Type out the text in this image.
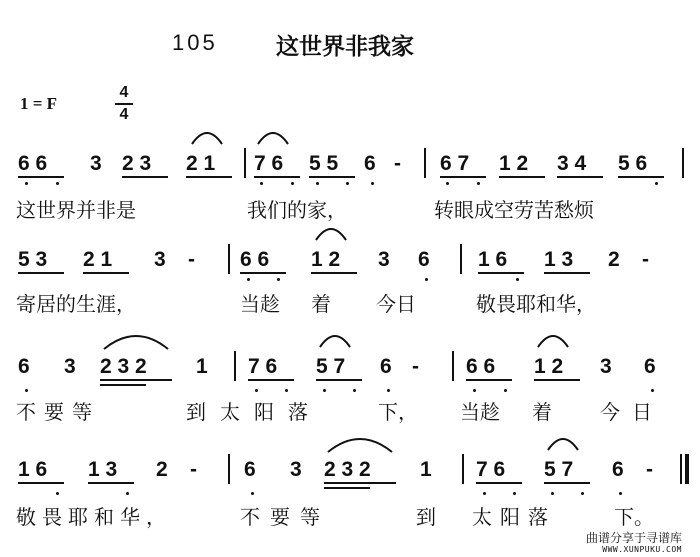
105	这世界非我家
1 = F
4
4
6 6 3 2 3 2 1 7 6 5 5 6 - 6 7 1 2 3 4 5 6
这世界并非是	我们的家，	转眼成空劳苦愁烦
5 3 2 1 3 - 6 6 1 2 3 6 1 6 1 3 2 -
寄居的生涯，	当趁 着 今日	敬畏耶和华，
6 3 2 3 2 1 7 6 5 7 6 - 6 6 1 2 3 6
不要等	到太阳落	下， 当趁 着 今日
1 6 1 3 2 - 6 3 2 3 2 1 7 6 5 7 6 -
敬畏耶和华，	不要等	到 太阳落	下。
曲谱分享于寻谱库
WWW.XUNPUKU.COM
